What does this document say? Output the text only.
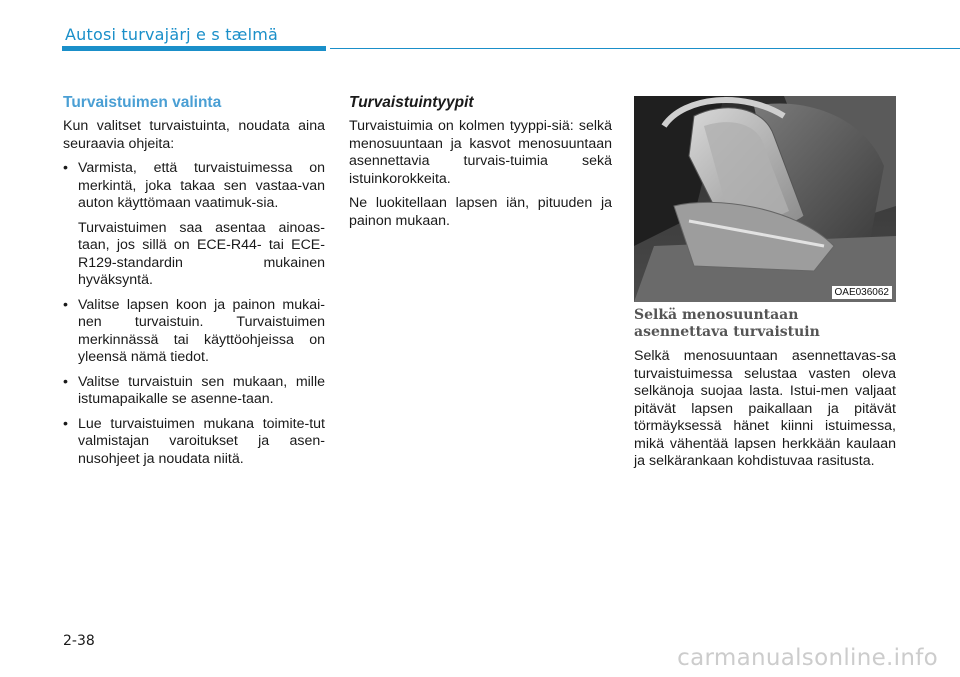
Autosi turvajärj e s tælmä
Turvaistuimen valinta

Kun valitset turvaistuinta, noudata aina seuraavia ohjeita:

• Varmista, että turvaistuimessa on merkintä, joka takaa sen vastaa-van auton käyttömaan vaatimuk-sia.
Turvaistuimen saa asentaa ainoas-taan, jos sillä on ECE-R44- tai ECE-R129-standardin mukainen hyväksyntä.
• Valitse lapsen koon ja painon mukai-nen turvaistuin. Turvaistuimen merkinnässä tai käyttöohjeissa on yleensä nämä tiedot.
• Valitse turvaistuin sen mukaan, mille istumapaikalle se asenne-taan.
• Lue turvaistuimen mukana toimite-tut valmistajan varoitukset ja asen-nusohjeet ja noudata niitä.
Turvaistuintyypit

Turvaistuimia on kolmen tyyppi-siä: selkä menosuuntaan ja kasvot menosuuntaan asennettavia turvais-tuimia sekä istuinkorokkeita.

Ne luokitellaan lapsen iän, pituuden ja painon mukaan.

OAE036062
Selkä menosuuntaan asennettava turvaistuin

Selkä menosuuntaan asennettavas-sa turvaistuimessa selustaa vasten oleva selkänoja suojaa lasta. Istui-men valjaat pitävät lapsen paikallaan ja pitävät törmäyksessä hänet kiinni istuimessa, mikä vähentää lapsen herkkään kaulaan ja selkärankaan kohdistuvaa rasitusta.

2-38
carmanualsonline.info
